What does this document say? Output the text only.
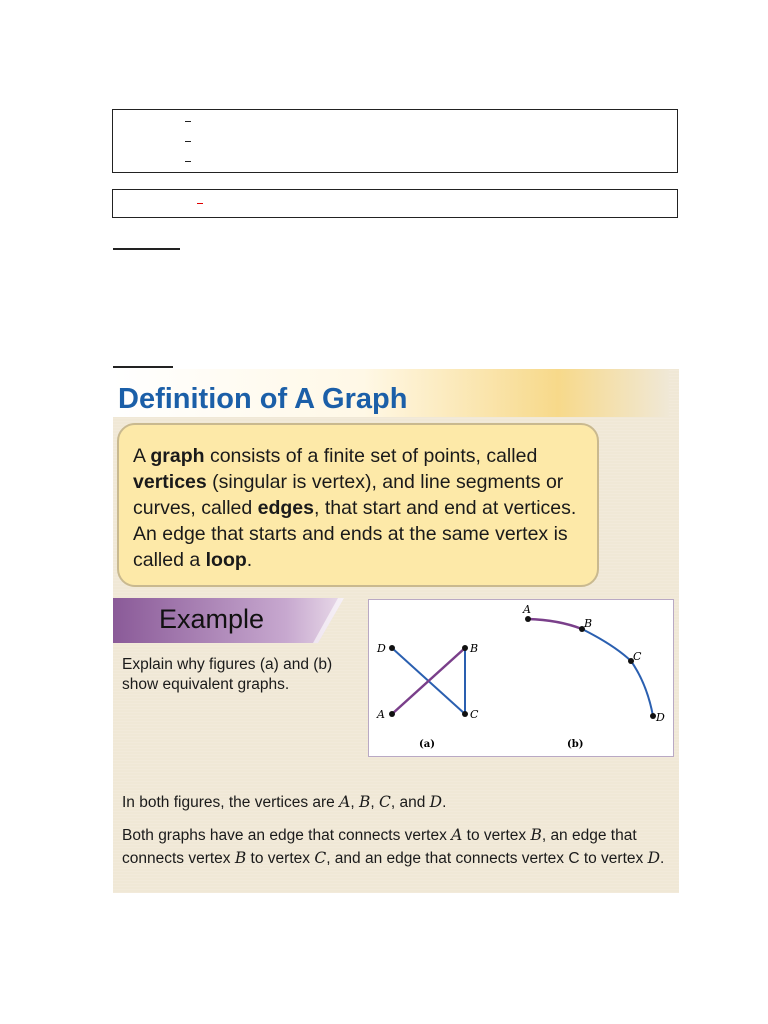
Definition of A Graph
A graph consists of a finite set of points, called vertices (singular is vertex), and line segments or curves, called edges, that start and end at vertices. An edge that starts and ends at the same vertex is called a loop.
Example
Explain why figures (a) and (b) show equivalent graphs.
D	B
A	C
(a)
A
B
C
D
(b)
In both figures, the vertices are A, B, C, and D.
Both graphs have an edge that connects vertex A to vertex B, an edge that connects vertex B to vertex C, and an edge that connects vertex C to vertex D.
